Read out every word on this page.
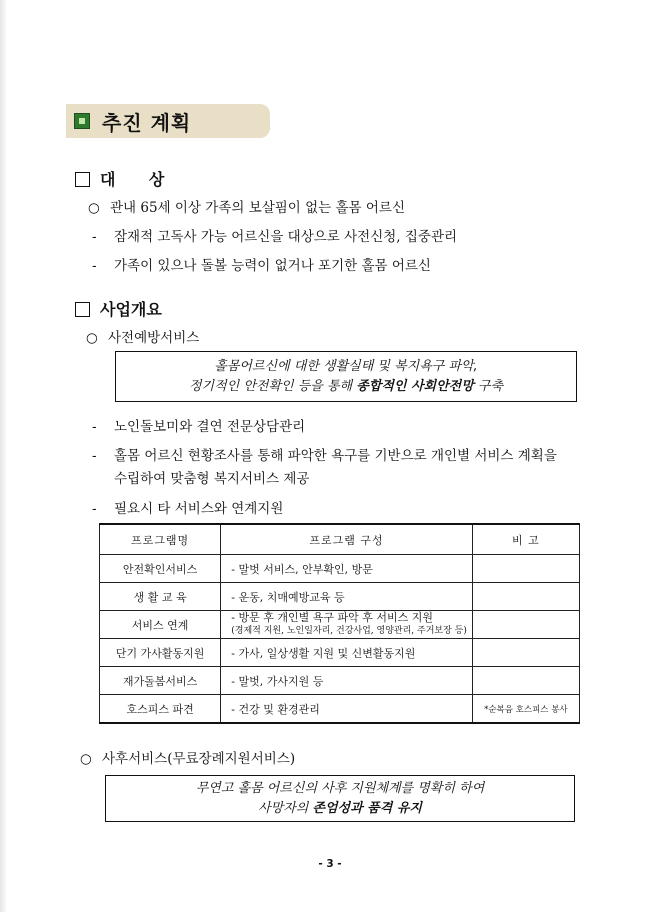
추진 계획
대      상
○ 관내 65세 이상 가족의 보살핌이 없는 홀몸 어르신
- 잠재적 고독사 가능 어르신을 대상으로 사전신청, 집중관리
- 가족이 있으나 돌볼 능력이 없거나 포기한 홀몸 어르신
사업개요
○ 사전예방서비스
홀몸어르신에 대한 생활실태 및 복지욕구 파악,
정기적인 안전확인 등을 통해 종합적인 사회안전망 구축
- 노인돌보미와 결연 전문상담관리
- 홀몸 어르신 현황조사를 통해 파악한 욕구를 기반으로 개인별 서비스 계획을
수립하여 맞춤형 복지서비스 제공
- 필요시 타 서비스와 연계지원
프로그램명	프로그램 구성	비 고
안전확인서비스	- 말벗 서비스, 안부확인, 방문	
생 활 교 육	- 운동, 치매예방교육 등	
서비스 연계	- 방문 후 개인별 욕구 파악 후 서비스 지원
(경제적 지원, 노인일자리, 건강사업, 영양관리, 주거보장 등)	

단기 가사활동지원	- 가사, 일상생활 지원 및 신변활동지원	
재가돌봄서비스	- 말벗, 가사지원 등	
호스피스 파견	- 건강 및 환경관리	*순복음 호스피스 봉사
○ 사후서비스(무료장례지원서비스)
무연고 홀몸 어르신의 사후 지원체계를 명확히 하여
사망자의 존엄성과 품격 유지
- 3 -
